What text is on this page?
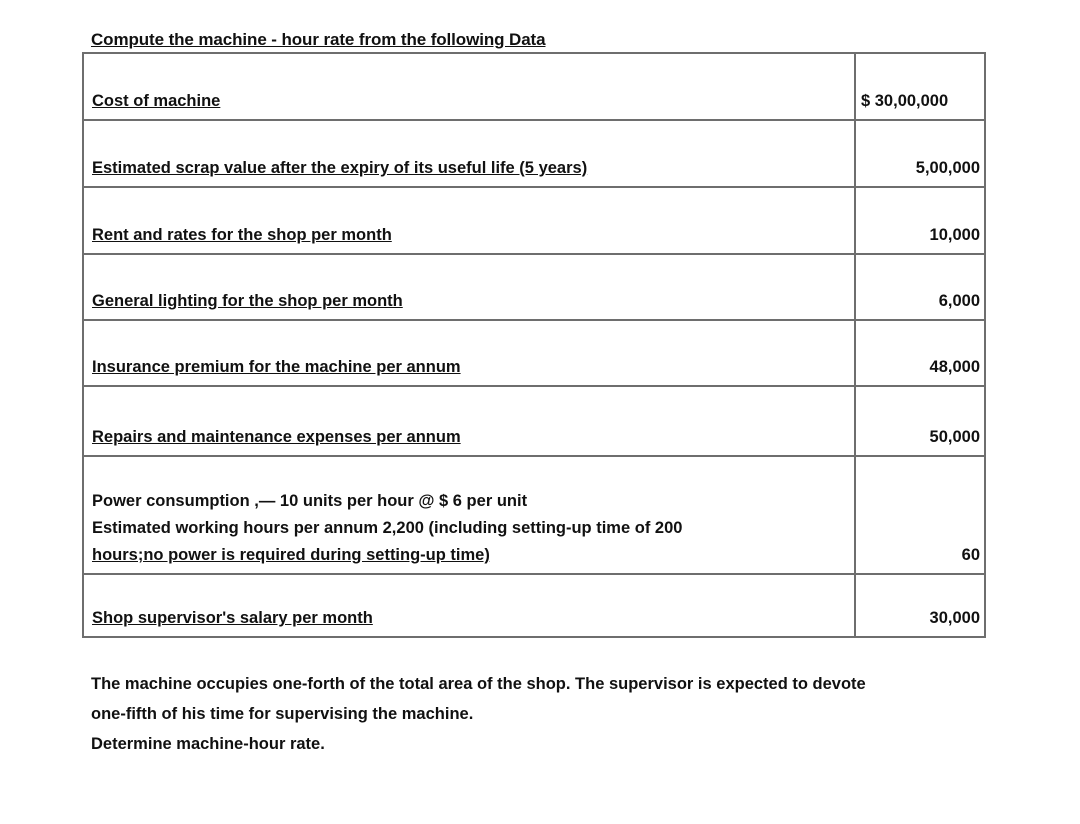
Compute the machine - hour rate from the following Data
Cost of machine	$ 30,00,000
Estimated scrap value after the expiry of its useful life (5 years)	5,00,000
Rent and rates for the shop per month	10,000
General lighting for the shop per month	6,000
Insurance premium for the machine per annum	48,000
Repairs and maintenance expenses per annum	50,000

Power consumption ,— 10 units per hour @ $ 6 per unit
Estimated working hours per annum 2,200 (including setting-up time of 200
hours;no power is required during setting-up time)	60
Shop supervisor's salary per month	30,000

The machine occupies one-forth of the total area of the shop. The supervisor is expected to devote

one-fifth of his time for supervising the machine.

Determine machine-hour rate.
